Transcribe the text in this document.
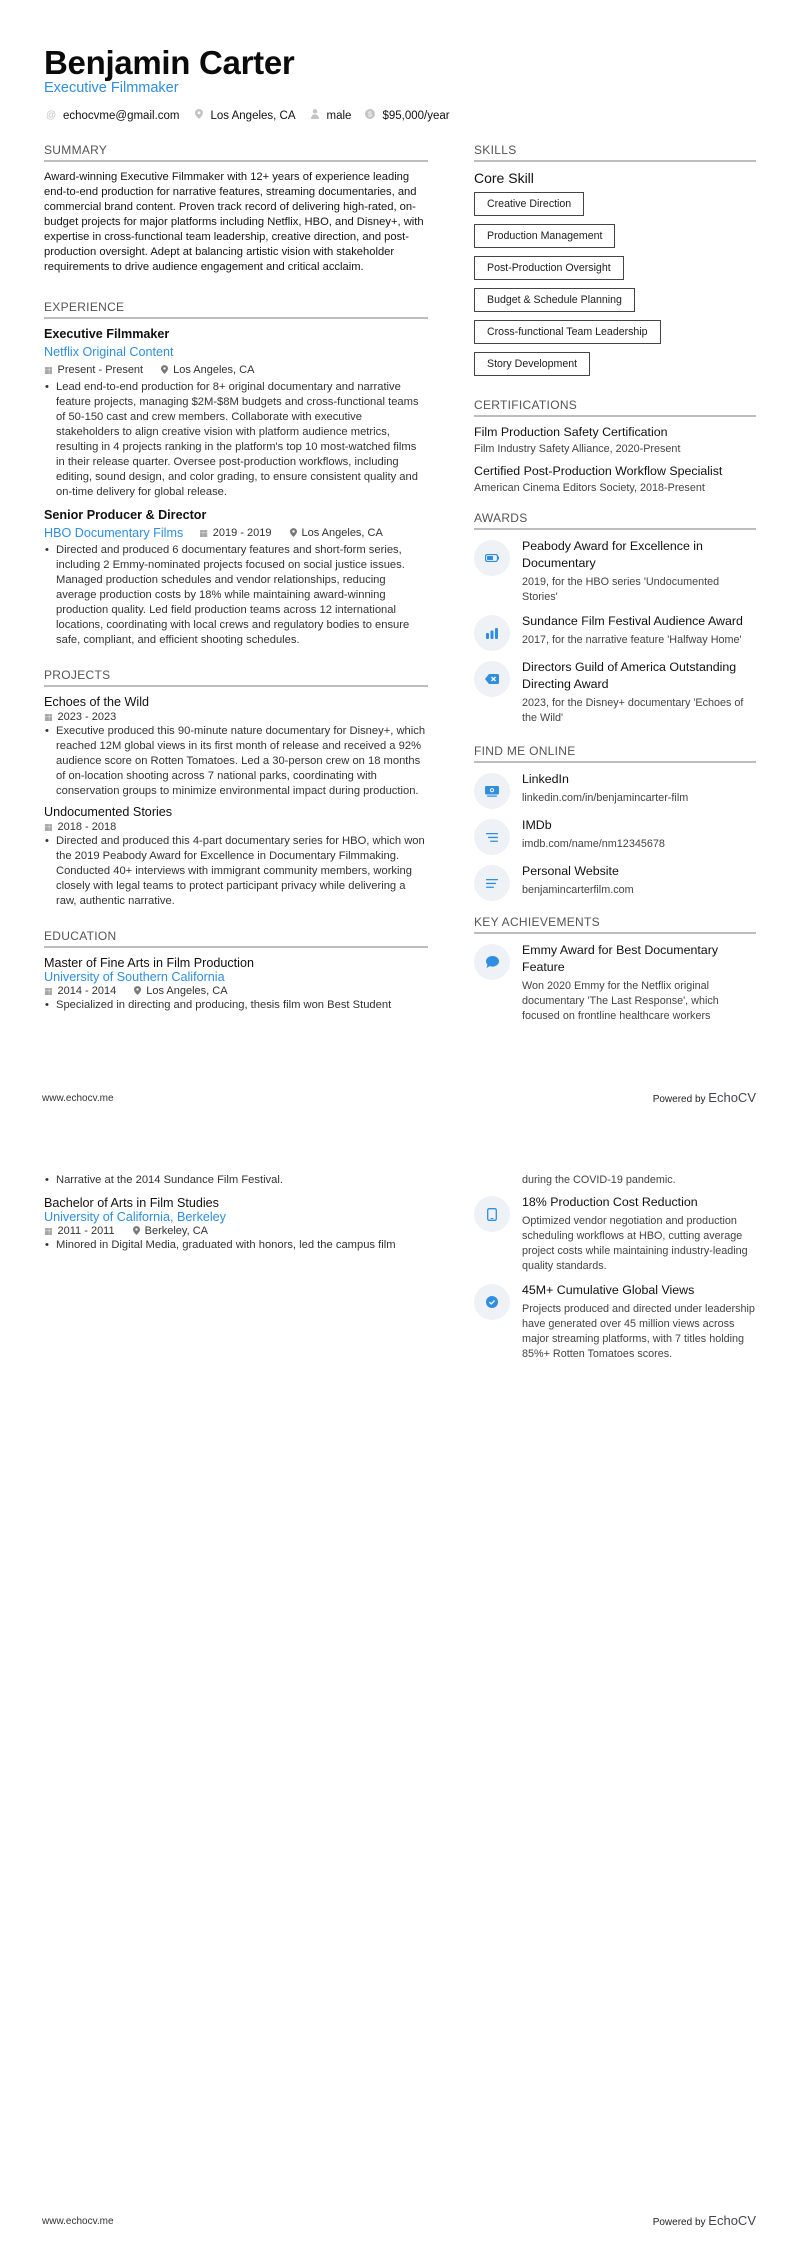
Benjamin Carter
Executive Filmmaker
@ echocvme@gmail.com	Los Angeles, CA	male $ $95,000/year
SUMMARY

Award-winning Executive Filmmaker with 12+ years of experience leading end-to-end production for narrative features, streaming documentaries, and commercial brand content. Proven track record of delivering high-rated, on-budget projects for major platforms including Netflix, HBO, and Disney+, with expertise in cross-functional team leadership, creative direction, and post-production oversight. Adept at balancing artistic vision with stakeholder requirements to drive audience engagement and critical acclaim.

EXPERIENCE
Executive Filmmaker
Netflix Original Content
▦ Present - Present	Los Angeles, CA
• Lead end-to-end production for 8+ original documentary and narrative feature projects, managing $2M-$8M budgets and cross-functional teams of 50-150 cast and crew members. Collaborate with executive stakeholders to align creative vision with platform audience metrics, resulting in 4 projects ranking in the platform's top 10 most-watched films in their release quarter. Oversee post-production workflows, including editing, sound design, and color grading, to ensure consistent quality and on-time delivery for global release.
Senior Producer & Director
HBO Documentary Films ▦ 2019 - 2019	Los Angeles, CA
• Directed and produced 6 documentary features and short-form series, including 2 Emmy-nominated projects focused on social justice issues. Managed production schedules and vendor relationships, reducing average production costs by 18% while maintaining award-winning production quality. Led field production teams across 12 international locations, coordinating with local crews and regulatory bodies to ensure safe, compliant, and efficient shooting schedules.
PROJECTS
Echoes of the Wild
▦ 2023 - 2023
• Executive produced this 90-minute nature documentary for Disney+, which reached 12M global views in its first month of release and received a 92% audience score on Rotten Tomatoes. Led a 30-person crew on 18 months of on-location shooting across 7 national parks, coordinating with conservation groups to minimize environmental impact during production.
Undocumented Stories
▦ 2018 - 2018
• Directed and produced this 4-part documentary series for HBO, which won the 2019 Peabody Award for Excellence in Documentary Filmmaking. Conducted 40+ interviews with immigrant community members, working closely with legal teams to protect participant privacy while delivering a raw, authentic narrative.
EDUCATION
Master of Fine Arts in Film Production
University of Southern California
▦ 2014 - 2014	Los Angeles, CA
• Specialized in directing and producing, thesis film won Best Student
SKILLS
Core Skill
Creative Direction
Production Management
Post-Production Oversight
Budget & Schedule Planning
Cross-functional Team Leadership
Story Development
CERTIFICATIONS
Film Production Safety Certification
Film Industry Safety Alliance, 2020-Present
Certified Post-Production Workflow Specialist
American Cinema Editors Society, 2018-Present
AWARDS
Peabody Award for Excellence in Documentary
2019, for the HBO series 'Undocumented Stories'
Sundance Film Festival Audience Award
2017, for the narrative feature 'Halfway Home'
Directors Guild of America Outstanding Directing Award
2023, for the Disney+ documentary 'Echoes of the Wild'
FIND ME ONLINE
LinkedIn
linkedin.com/in/benjamincarter-film
IMDb
imdb.com/name/nm12345678
Personal Website
benjamincarterfilm.com
KEY ACHIEVEMENTS
Emmy Award for Best Documentary Feature
Won 2020 Emmy for the Netflix original documentary 'The Last Response', which focused on frontline healthcare workers
www.echocv.me	Powered by EchoCV
• Narrative at the 2014 Sundance Film Festival.
Bachelor of Arts in Film Studies
University of California, Berkeley
▦ 2011 - 2011	Berkeley, CA
• Minored in Digital Media, graduated with honors, led the campus film
during the COVID-19 pandemic.
18% Production Cost Reduction
Optimized vendor negotiation and production scheduling workflows at HBO, cutting average project costs while maintaining industry-leading quality standards.
45M+ Cumulative Global Views
Projects produced and directed under leadership have generated over 45 million views across major streaming platforms, with 7 titles holding 85%+ Rotten Tomatoes scores.
www.echocv.me	Powered by EchoCV
